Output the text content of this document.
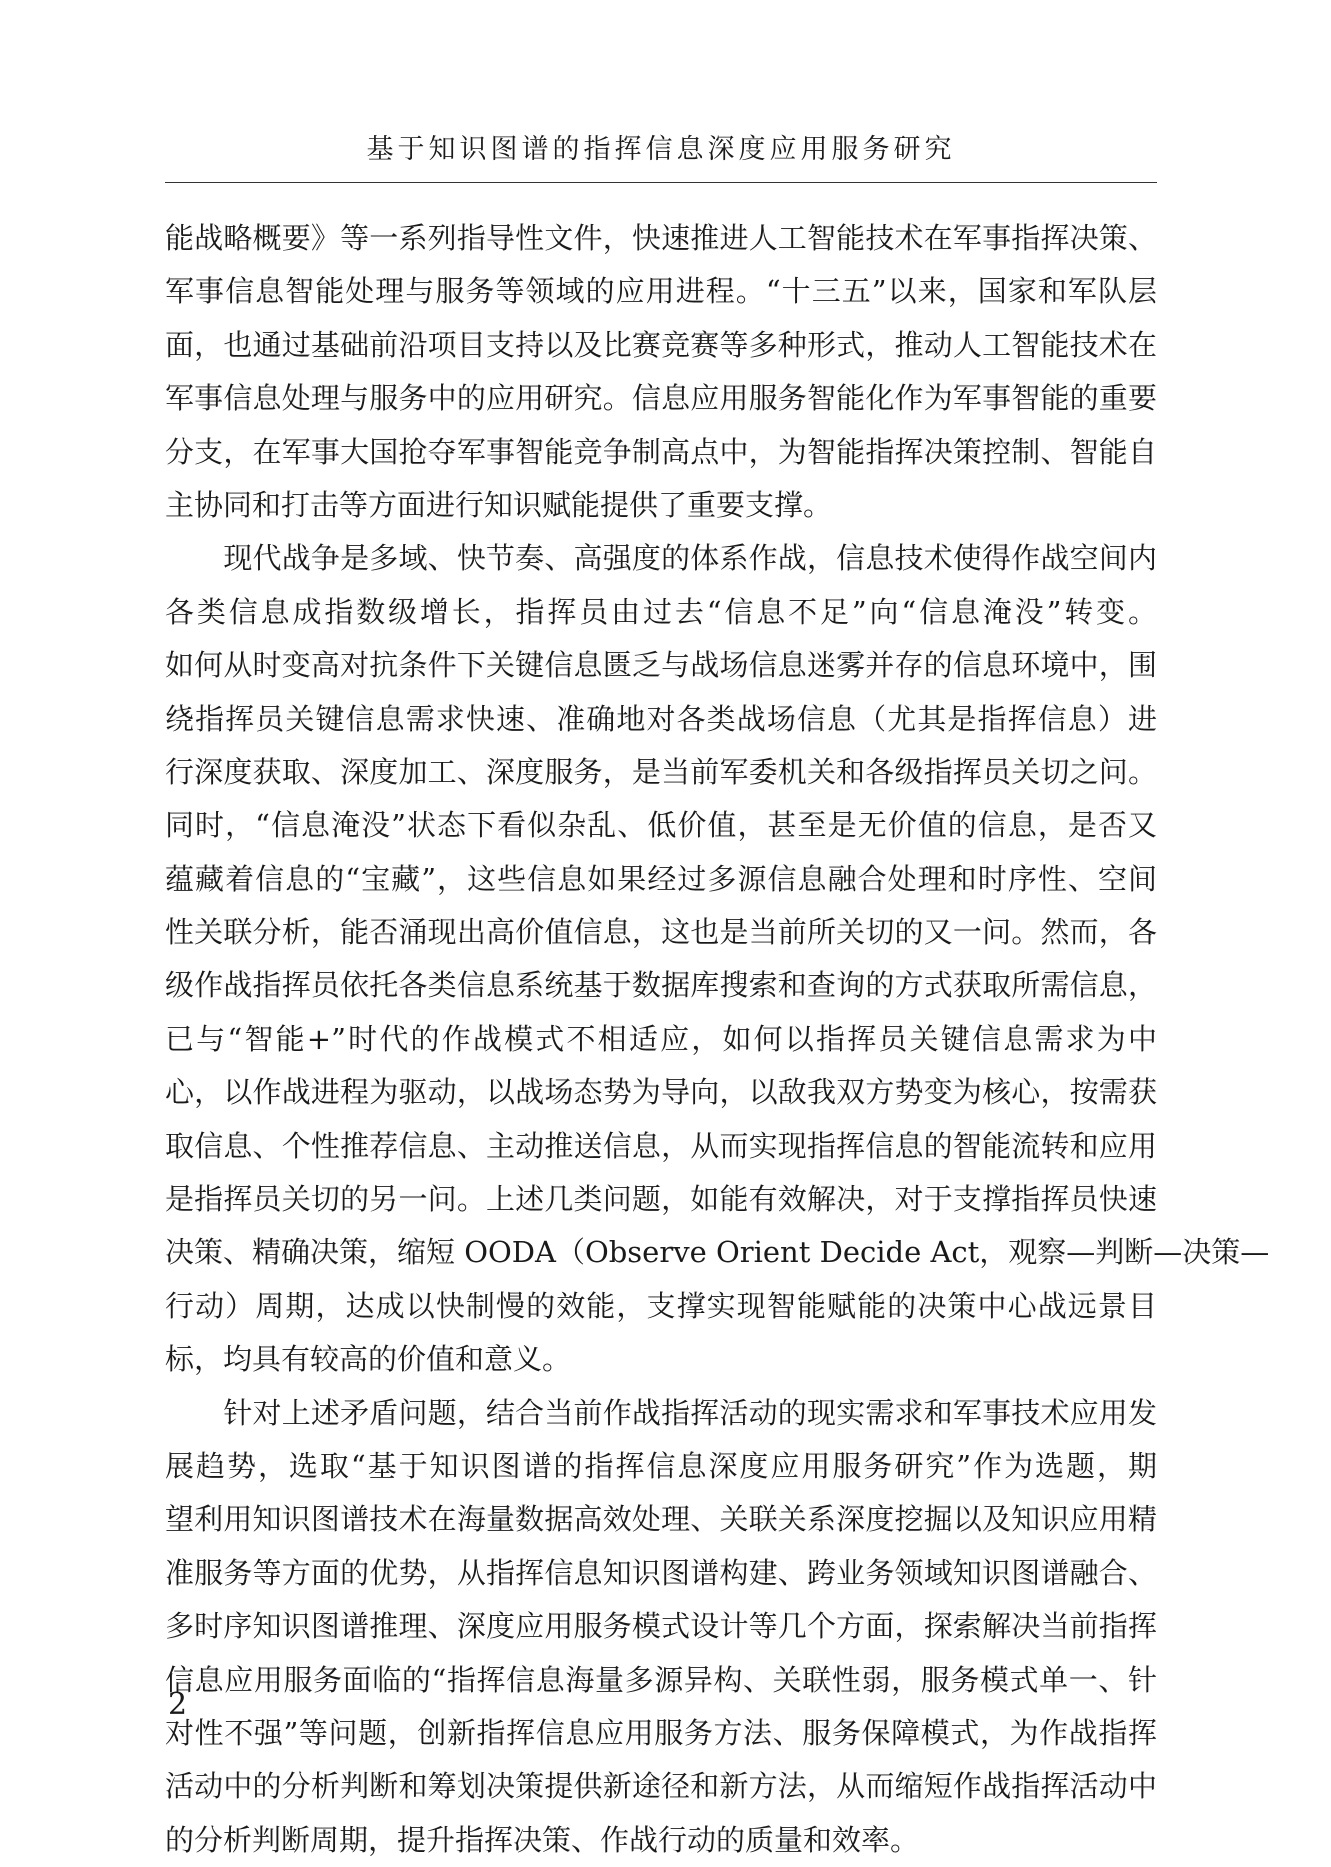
基于知识图谱的指挥信息深度应用服务研究
能战略概要》等一系列指导性文件，快速推进人工智能技术在军事指挥决策、
军事信息智能处理与服务等领域的应用进程。“十三五”以来，国家和军队层
面，也通过基础前沿项目支持以及比赛竞赛等多种形式，推动人工智能技术在
军事信息处理与服务中的应用研究。信息应用服务智能化作为军事智能的重要
分支，在军事大国抢夺军事智能竞争制高点中，为智能指挥决策控制、智能自
主协同和打击等方面进行知识赋能提供了重要支撑。
　　现代战争是多域、快节奏、高强度的体系作战，信息技术使得作战空间内
各类信息成指数级增长，指挥员由过去“信息不足”向“信息淹没”转变。
如何从时变高对抗条件下关键信息匮乏与战场信息迷雾并存的信息环境中，围
绕指挥员关键信息需求快速、准确地对各类战场信息（尤其是指挥信息）进
行深度获取、深度加工、深度服务，是当前军委机关和各级指挥员关切之问。
同时，“信息淹没”状态下看似杂乱、低价值，甚至是无价值的信息，是否又
蕴藏着信息的“宝藏”，这些信息如果经过多源信息融合处理和时序性、空间
性关联分析，能否涌现出高价值信息，这也是当前所关切的又一问。然而，各
级作战指挥员依托各类信息系统基于数据库搜索和查询的方式获取所需信息，
已与“智能+”时代的作战模式不相适应，如何以指挥员关键信息需求为中
心，以作战进程为驱动，以战场态势为导向，以敌我双方势变为核心，按需获
取信息、个性推荐信息、主动推送信息，从而实现指挥信息的智能流转和应用
是指挥员关切的另一问。上述几类问题，如能有效解决，对于支撑指挥员快速
决策、精确决策，缩短 OODA（Observe Orient Decide Act，观察—判断—决策—
行动）周期，达成以快制慢的效能，支撑实现智能赋能的决策中心战远景目
标，均具有较高的价值和意义。
　　针对上述矛盾问题，结合当前作战指挥活动的现实需求和军事技术应用发
展趋势，选取“基于知识图谱的指挥信息深度应用服务研究”作为选题，期
望利用知识图谱技术在海量数据高效处理、关联关系深度挖掘以及知识应用精
准服务等方面的优势，从指挥信息知识图谱构建、跨业务领域知识图谱融合、
多时序知识图谱推理、深度应用服务模式设计等几个方面，探索解决当前指挥
信息应用服务面临的“指挥信息海量多源异构、关联性弱，服务模式单一、针
对性不强”等问题，创新指挥信息应用服务方法、服务保障模式，为作战指挥
活动中的分析判断和筹划决策提供新途径和新方法，从而缩短作战指挥活动中
的分析判断周期，提升指挥决策、作战行动的质量和效率。
2
